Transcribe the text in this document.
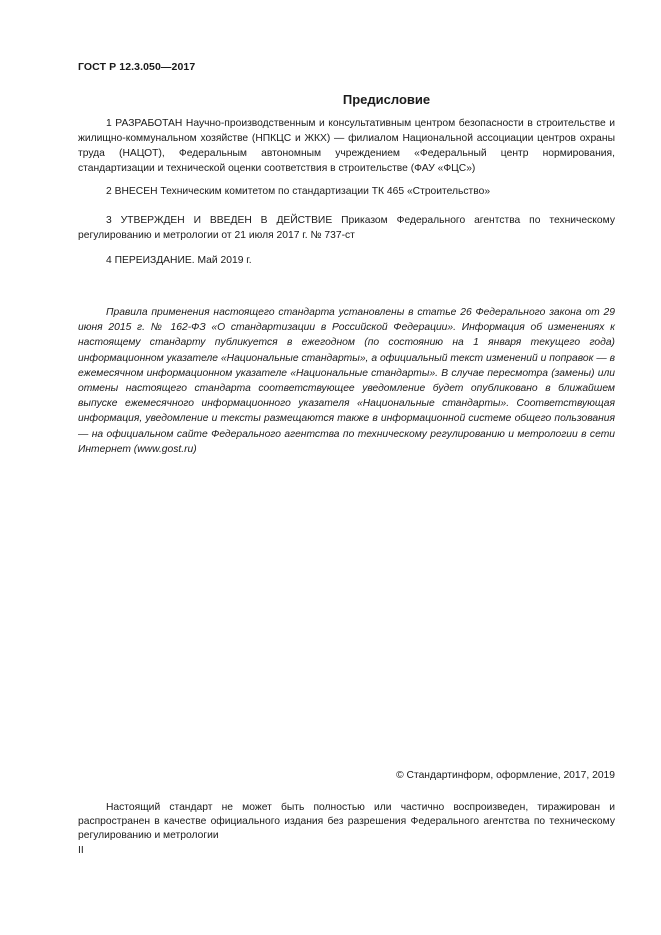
ГОСТ Р 12.3.050—2017
Предисловие

1 РАЗРАБОТАН Научно-производственным и консультативным центром безопасности в строительстве и жилищно-коммунальном хозяйстве (НПКЦС и ЖКХ) — филиалом Национальной ассоциации центров охраны труда (НАЦОТ), Федеральным автономным учреждением «Федеральный центр нормирования, стандартизации и технической оценки соответствия в строительстве (ФАУ «ФЦС»)

2 ВНЕСЕН Техническим комитетом по стандартизации ТК 465 «Строительство»

3 УТВЕРЖДЕН И ВВЕДЕН В ДЕЙСТВИЕ Приказом Федерального агентства по техническому регулированию и метрологии от 21 июля 2017 г. № 737-ст

4 ПЕРЕИЗДАНИЕ. Май 2019 г.

Правила применения настоящего стандарта установлены в статье 26 Федерального закона от 29 июня 2015 г. № 162-ФЗ «О стандартизации в Российской Федерации». Информация об изменениях к настоящему стандарту публикуется в ежегодном (по состоянию на 1 января текущего года) информационном указателе «Национальные стандарты», а официальный текст изменений и поправок — в ежемесячном информационном указателе «Национальные стандарты». В случае пересмотра (замены) или отмены настоящего стандарта соответствующее уведомление будет опубликовано в ближайшем выпуске ежемесячного информационного указателя «Национальные стандарты». Соответствующая информация, уведомление и тексты размещаются также в информационной системе общего пользования — на официальном сайте Федерального агентства по техническому регулированию и метрологии в сети Интернет (www.gost.ru)

© Стандартинформ, оформление, 2017, 2019

Настоящий стандарт не может быть полностью или частично воспроизведен, тиражирован и распространен в качестве официального издания без разрешения Федерального агентства по техническому регулированию и метрологии

II
